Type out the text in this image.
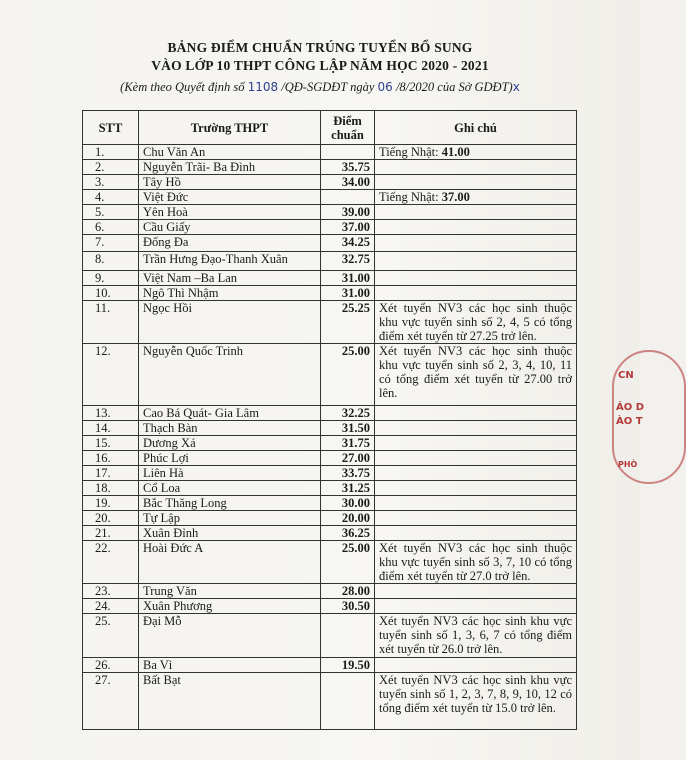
BẢNG ĐIỂM CHUẨN TRÚNG TUYỂN BỔ SUNG
VÀO LỚP 10 THPT CÔNG LẬP NĂM HỌC 2020 - 2021
(Kèm theo Quyết định số 1108 /QĐ-SGDĐT ngày 06 /8/2020 của Sở GDĐT)x
STT	Trường THPT	Điểm
chuẩn	Ghi chú
1.	Chu Văn An		Tiếng Nhật: 41.00
2.	Nguyễn Trãi- Ba Đình	35.75	
3.	Tây Hồ	34.00	
4.	Việt Đức		Tiếng Nhật: 37.00
5.	Yên Hoà	39.00	
6.	Cầu Giấy	37.00	
7.	Đống Đa	34.25	
8.	Trần Hưng Đạo-Thanh Xuân	32.75	
9.	Việt Nam –Ba Lan	31.00	
10.	Ngô Thì Nhậm	31.00	
11.	Ngọc Hồi	25.25	Xét tuyển NV3 các học sinh thuộc khu vực tuyển sinh số 2, 4, 5 có tổng điểm xét tuyển từ 27.25 trở lên.
12.	Nguyễn Quốc Trinh	25.00	Xét tuyển NV3 các học sinh thuộc khu vực tuyển sinh số 2, 3, 4, 10, 11 có tổng điểm xét tuyển từ 27.00 trở lên.
13.	Cao Bá Quát- Gia Lâm	32.25	
14.	Thạch Bàn	31.50	
15.	Dương Xá	31.75	
16.	Phúc Lợi	27.00	
17.	Liên Hà	33.75	
18.	Cổ Loa	31.25	
19.	Bắc Thăng Long	30.00	
20.	Tự Lập	20.00	
21.	Xuân Đỉnh	36.25	
22.	Hoài Đức A	25.00	Xét tuyển NV3 các học sinh thuộc khu vực tuyển sinh số 3, 7, 10 có tổng điểm xét tuyển từ 27.0 trở lên.
23.	Trung Văn	28.00	
24.	Xuân Phương	30.50	
25.	Đại Mỗ		Xét tuyển NV3 các học sinh khu vực tuyển sinh số 1, 3, 6, 7 có tổng điểm xét tuyển từ 26.0 trở lên.
26.	Ba Vì	19.50	
27.	Bất Bạt		Xét tuyển NV3 các học sinh khu vực tuyển sinh số 1, 2, 3, 7, 8, 9, 10, 12 có tổng điểm xét tuyển từ 15.0 trở lên.
CN
ÁO D
ÀO T
PHÒ
